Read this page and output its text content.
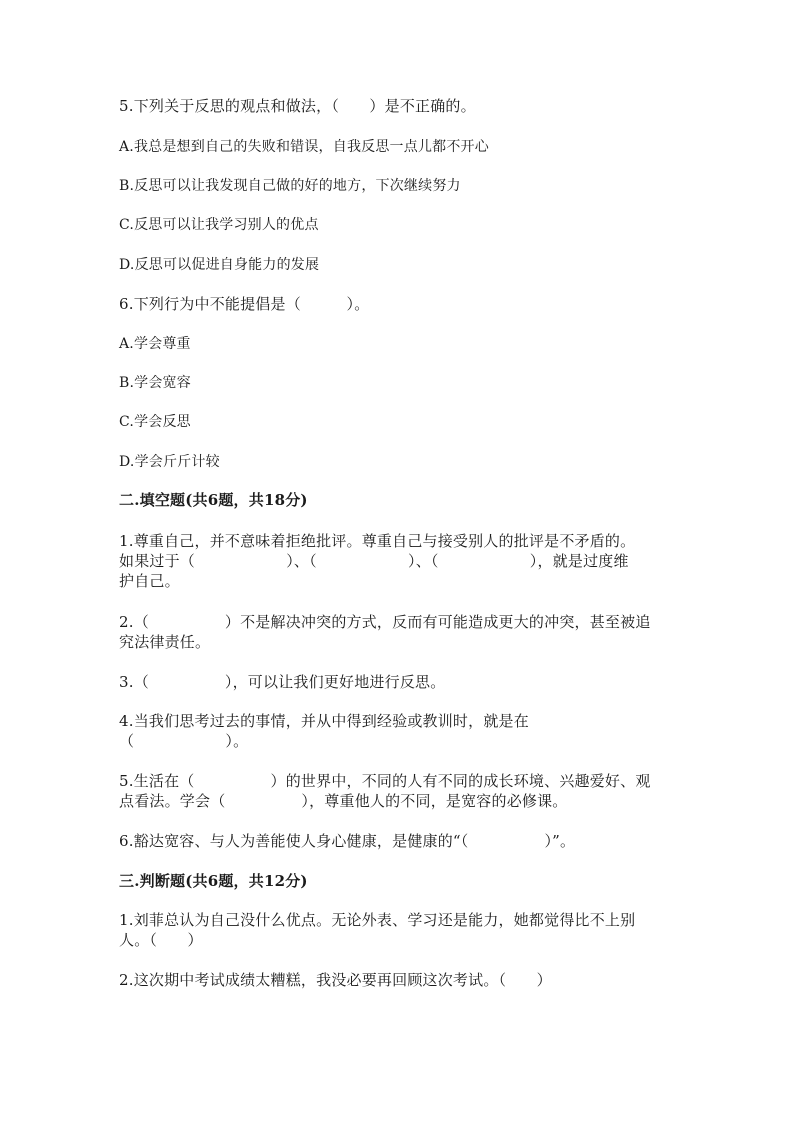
5.下列关于反思的观点和做法，（　　）是不正确的。
A.我总是想到自己的失败和错误，自我反思一点儿都不开心
B.反思可以让我发现自己做的好的地方，下次继续努力
C.反思可以让我学习别人的优点
D.反思可以促进自身能力的发展
6.下列行为中不能提倡是（　　　）。
A.学会尊重
B.学会宽容
C.学会反思
D.学会斤斤计较
二.填空题(共6题，共18分)
1.尊重自己，并不意味着拒绝批评。尊重自己与接受别人的批评是不矛盾的。
如果过于（　　　　　　）、（　　　　　　）、（　　　　　　），就是过度维
护自己。
2.（　　　　　）不是解决冲突的方式，反而有可能造成更大的冲突，甚至被追
究法律责任。
3.（　　　　　），可以让我们更好地进行反思。
4.当我们思考过去的事情，并从中得到经验或教训时，就是在
（　　　　　　）。
5.生活在（　　　　　）的世界中，不同的人有不同的成长环境、兴趣爱好、观
点看法。学会（　　　　　），尊重他人的不同，是宽容的必修课。
6.豁达宽容、与人为善能使人身心健康，是健康的“（　　　　　）”。
三.判断题(共6题，共12分)
1.刘菲总认为自己没什么优点。无论外表、学习还是能力，她都觉得比不上别
人。（　　）
2.这次期中考试成绩太糟糕，我没必要再回顾这次考试。（　　）
